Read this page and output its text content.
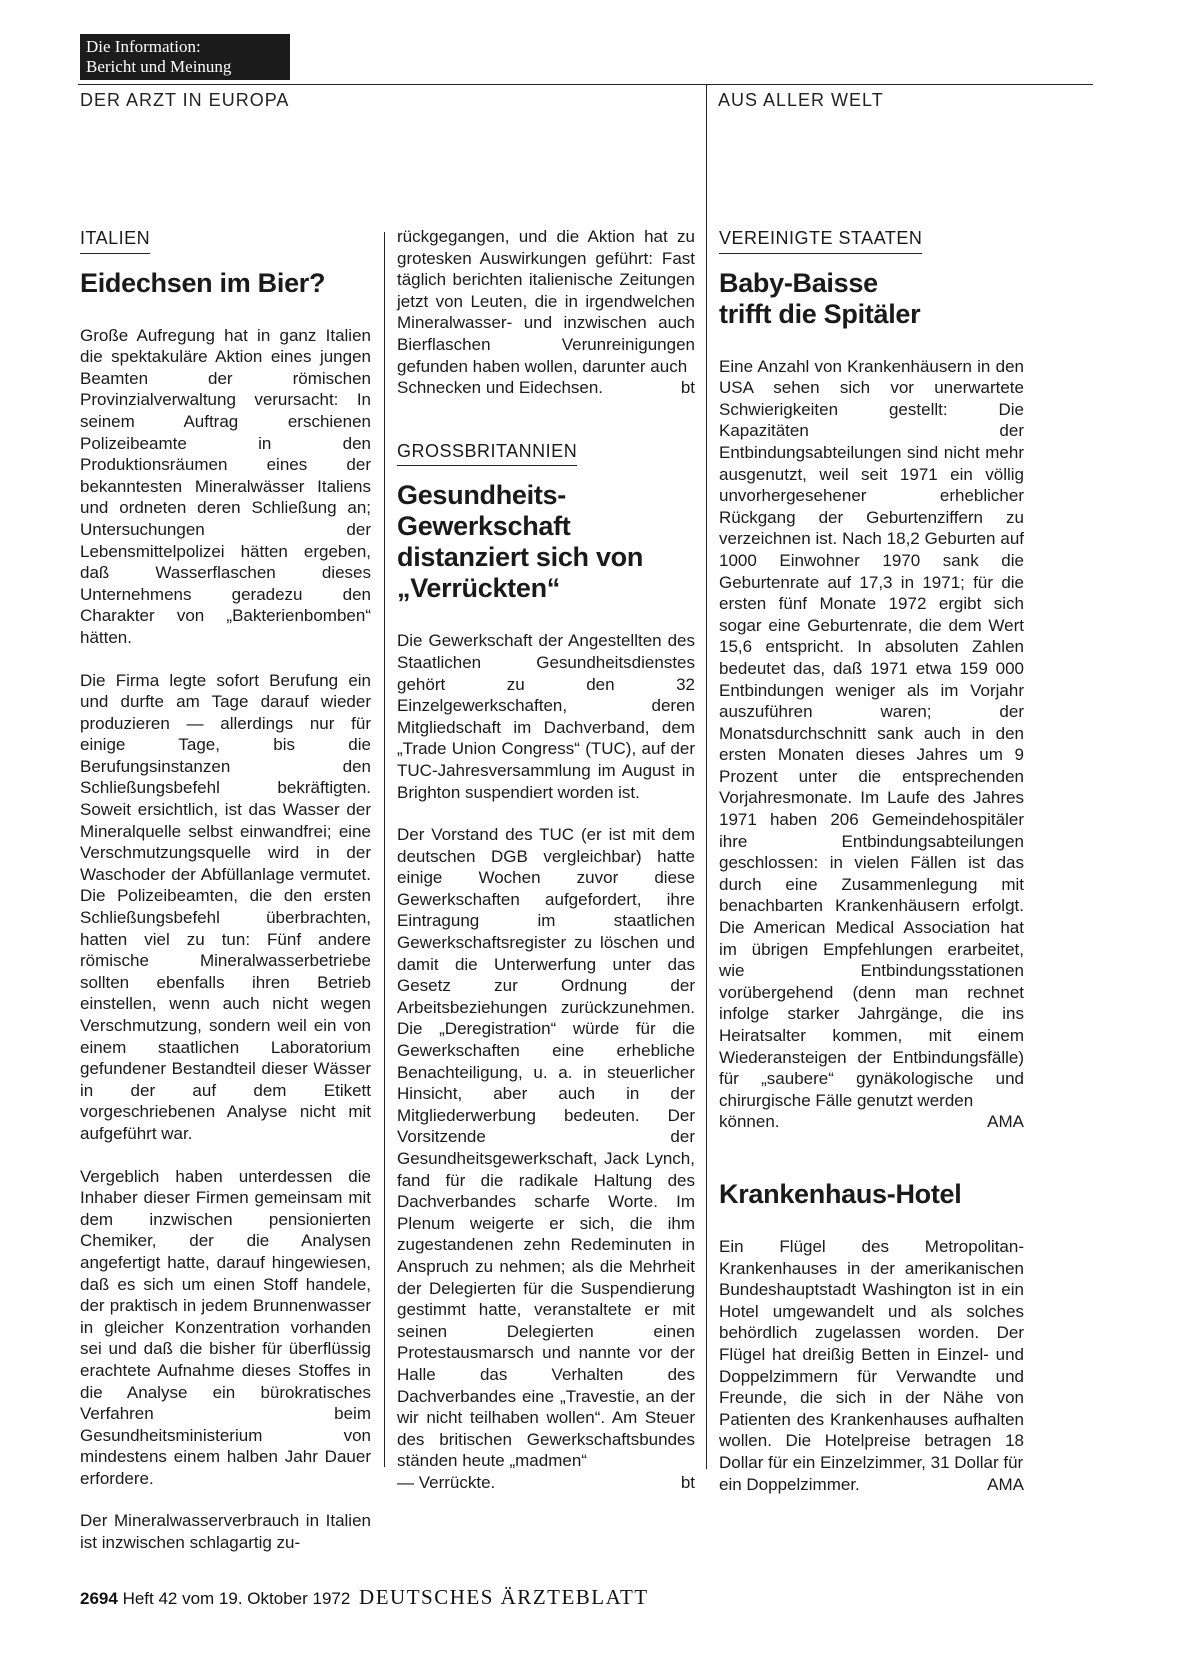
Die Information:
Bericht und Meinung
DER ARZT IN EUROPA	AUS ALLER WELT
ITALIEN
Eidechsen im Bier?

Große Aufregung hat in ganz Italien die spektakuläre Aktion eines jungen Beamten der römischen Provinzialverwaltung verursacht: In seinem Auftrag erschienen Polizeibeamte in den Produktionsräumen eines der bekanntesten Mineralwässer Italiens und ordneten deren Schließung an; Untersuchungen der Lebensmittelpolizei hätten ergeben, daß Wasserflaschen dieses Unternehmens geradezu den Charakter von „Bakterienbomben“ hätten.

Die Firma legte sofort Berufung ein und durfte am Tage darauf wieder produzieren — allerdings nur für einige Tage, bis die Berufungsinstanzen den Schließungsbefehl bekräftigten. Soweit ersichtlich, ist das Wasser der Mineralquelle selbst einwandfrei; eine Verschmutzungsquelle wird in der Waschoder der Abfüllanlage vermutet. Die Polizeibeamten, die den ersten Schließungsbefehl überbrachten, hatten viel zu tun: Fünf andere römische Mineralwasserbetriebe sollten ebenfalls ihren Betrieb einstellen, wenn auch nicht wegen Verschmutzung, sondern weil ein von einem staatlichen Laboratorium gefundener Bestandteil dieser Wässer in der auf dem Etikett vorgeschriebenen Analyse nicht mit aufgeführt war.

Vergeblich haben unterdessen die Inhaber dieser Firmen gemeinsam mit dem inzwischen pensionierten Chemiker, der die Analysen angefertigt hatte, darauf hingewiesen, daß es sich um einen Stoff handele, der praktisch in jedem Brunnenwasser in gleicher Konzentration vorhanden sei und daß die bisher für überflüssig erachtete Aufnahme dieses Stoffes in die Analyse ein bürokratisches Verfahren beim Gesundheitsministerium von mindestens einem halben Jahr Dauer erfordere.

Der Mineralwasserverbrauch in Italien ist inzwischen schlagartig zu-

rückgegangen, und die Aktion hat zu grotesken Auswirkungen geführt: Fast täglich berichten italienische Zeitungen jetzt von Leuten, die in irgendwelchen Mineralwasser- und inzwischen auch Bierflaschen Verunreinigungen gefunden haben wollen, darunter auch

Schnecken und Eidechsen.	bt
GROSSBRITANNIEN
Gesundheits-
Gewerkschaft
distanziert sich von
„Verrückten“

Die Gewerkschaft der Angestellten des Staatlichen Gesundheitsdienstes gehört zu den 32 Einzelgewerkschaften, deren Mitgliedschaft im Dachverband, dem „Trade Union Congress“ (TUC), auf der TUC-Jahresversammlung im August in Brighton suspendiert worden ist.

Der Vorstand des TUC (er ist mit dem deutschen DGB vergleichbar) hatte einige Wochen zuvor diese Gewerkschaften aufgefordert, ihre Eintragung im staatlichen Gewerkschaftsregister zu löschen und damit die Unterwerfung unter das Gesetz zur Ordnung der Arbeitsbeziehungen zurückzunehmen. Die „Deregistration“ würde für die Gewerkschaften eine erhebliche Benachteiligung, u. a. in steuerlicher Hinsicht, aber auch in der Mitgliederwerbung bedeuten. Der Vorsitzende der Gesundheitsgewerkschaft, Jack Lynch, fand für die radikale Haltung des Dachverbandes scharfe Worte. Im Plenum weigerte er sich, die ihm zugestandenen zehn Redeminuten in Anspruch zu nehmen; als die Mehrheit der Delegierten für die Suspendierung gestimmt hatte, veranstaltete er mit seinen Delegierten einen Protestausmarsch und nannte vor der Halle das Verhalten des Dachverbandes eine „Travestie, an der wir nicht teilhaben wollen“. Am Steuer des britischen Gewerkschaftsbundes ständen heute „madmen“

— Verrückte.	bt
VEREINIGTE STAATEN
Baby-Baisse
trifft die Spitäler

Eine Anzahl von Krankenhäusern in den USA sehen sich vor unerwartete Schwierigkeiten gestellt: Die Kapazitäten der Entbindungsabteilungen sind nicht mehr ausgenutzt, weil seit 1971 ein völlig unvorhergesehener erheblicher Rückgang der Geburtenziffern zu verzeichnen ist. Nach 18,2 Geburten auf 1000 Einwohner 1970 sank die Geburtenrate auf 17,3 in 1971; für die ersten fünf Monate 1972 ergibt sich sogar eine Geburtenrate, die dem Wert 15,6 entspricht. In absoluten Zahlen bedeutet das, daß 1971 etwa 159 000 Entbindungen weniger als im Vorjahr auszuführen waren; der Monatsdurchschnitt sank auch in den ersten Monaten dieses Jahres um 9 Prozent unter die entsprechenden Vorjahresmonate. Im Laufe des Jahres 1971 haben 206 Gemeindehospitäler ihre Entbindungsabteilungen geschlossen: in vielen Fällen ist das durch eine Zusammenlegung mit benachbarten Krankenhäusern erfolgt. Die American Medical Association hat im übrigen Empfehlungen erarbeitet, wie Entbindungsstationen vorübergehend (denn man rechnet infolge starker Jahrgänge, die ins Heiratsalter kommen, mit einem Wiederansteigen der Entbindungsfälle) für „saubere“ gynäkologische und chirurgische Fälle genutzt werden

können.	AMA
Krankenhaus-Hotel

Ein Flügel des Metropolitan-Krankenhauses in der amerikanischen Bundeshauptstadt Washington ist in ein Hotel umgewandelt und als solches behördlich zugelassen worden. Der Flügel hat dreißig Betten in Einzel- und Doppelzimmern für Verwandte und Freunde, die sich in der Nähe von Patienten des Krankenhauses aufhalten wollen. Die Hotelpreise betragen 18 Dollar für ein Einzelzimmer, 31 Dollar für

ein Doppelzimmer.	AMA
2694 Heft 42 vom 19. Oktober 1972 DEUTSCHES ÄRZTEBLATT
